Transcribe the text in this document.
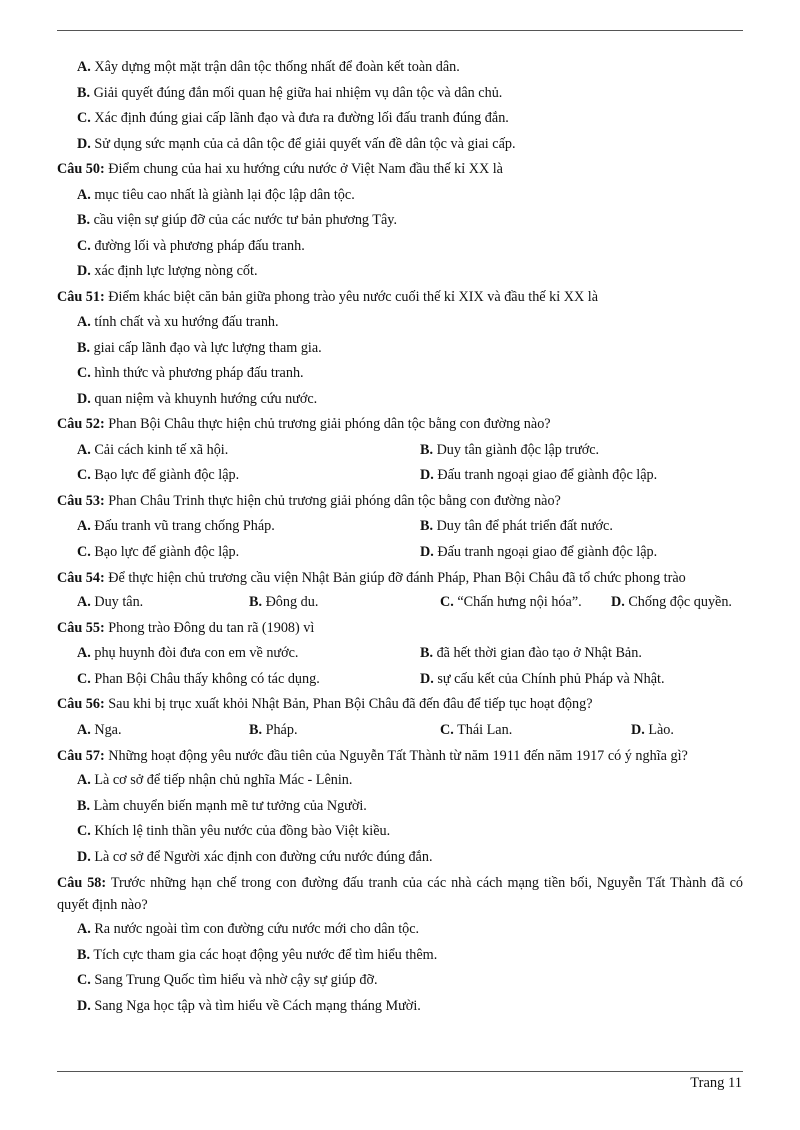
A. Xây dựng một mặt trận dân tộc thống nhất để đoàn kết toàn dân.
B. Giải quyết đúng đắn mối quan hệ giữa hai nhiệm vụ dân tộc và dân chủ.
C. Xác định đúng giai cấp lãnh đạo và đưa ra đường lối đấu tranh đúng đắn.
D. Sử dụng sức mạnh của cả dân tộc để giải quyết vấn đề dân tộc và giai cấp.
Câu 50: Điểm chung của hai xu hướng cứu nước ở Việt Nam đầu thế kỉ XX là
A. mục tiêu cao nhất là giành lại độc lập dân tộc.
B. cầu viện sự giúp đỡ của các nước tư bản phương Tây.
C. đường lối và phương pháp đấu tranh.
D. xác định lực lượng nòng cốt.
Câu 51: Điểm khác biệt căn bản giữa phong trào yêu nước cuối thế kỉ XIX và đầu thế kỉ XX là
A. tính chất và xu hướng đấu tranh.
B. giai cấp lãnh đạo và lực lượng tham gia.
C. hình thức và phương pháp đấu tranh.
D. quan niệm và khuynh hướng cứu nước.
Câu 52: Phan Bội Châu thực hiện chủ trương giải phóng dân tộc bằng con đường nào?
A. Cải cách kinh tế xã hội.	B. Duy tân giành độc lập trước.
C. Bạo lực để giành độc lập.	D. Đấu tranh ngoại giao để giành độc lập.
Câu 53: Phan Châu Trinh thực hiện chủ trương giải phóng dân tộc bằng con đường nào?
A. Đấu tranh vũ trang chống Pháp.	B. Duy tân để phát triển đất nước.
C. Bạo lực để giành độc lập.	D. Đấu tranh ngoại giao để giành độc lập.
Câu 54: Để thực hiện chủ trương cầu viện Nhật Bản giúp đỡ đánh Pháp, Phan Bội Châu đã tổ chức phong trào
A. Duy tân.	B. Đông du.	C. “Chấn hưng nội hóa”.	D. Chống độc quyền.
Câu 55: Phong trào Đông du tan rã (1908) vì
A. phụ huynh đòi đưa con em về nước.	B. đã hết thời gian đào tạo ở Nhật Bản.
C. Phan Bội Châu thấy không có tác dụng.	D. sự cấu kết của Chính phủ Pháp và Nhật.
Câu 56: Sau khi bị trục xuất khỏi Nhật Bản, Phan Bội Châu đã đến đâu để tiếp tục hoạt động?
A. Nga.	B. Pháp.	C. Thái Lan.	D. Lào.
Câu 57: Những hoạt động yêu nước đầu tiên của Nguyễn Tất Thành từ năm 1911 đến năm 1917 có ý nghĩa gì?
A. Là cơ sở để tiếp nhận chủ nghĩa Mác - Lênin.
B. Làm chuyển biến mạnh mẽ tư tưởng của Người.
C. Khích lệ tinh thần yêu nước của đồng bào Việt kiều.
D. Là cơ sở để Người xác định con đường cứu nước đúng đắn.
Câu 58: Trước những hạn chế trong con đường đấu tranh của các nhà cách mạng tiền bối, Nguyễn Tất Thành đã có quyết định nào?
A. Ra nước ngoài tìm con đường cứu nước mới cho dân tộc.
B. Tích cực tham gia các hoạt động yêu nước để tìm hiểu thêm.
C. Sang Trung Quốc tìm hiểu và nhờ cậy sự giúp đỡ.
D. Sang Nga học tập và tìm hiểu về Cách mạng tháng Mười.
Trang 11
